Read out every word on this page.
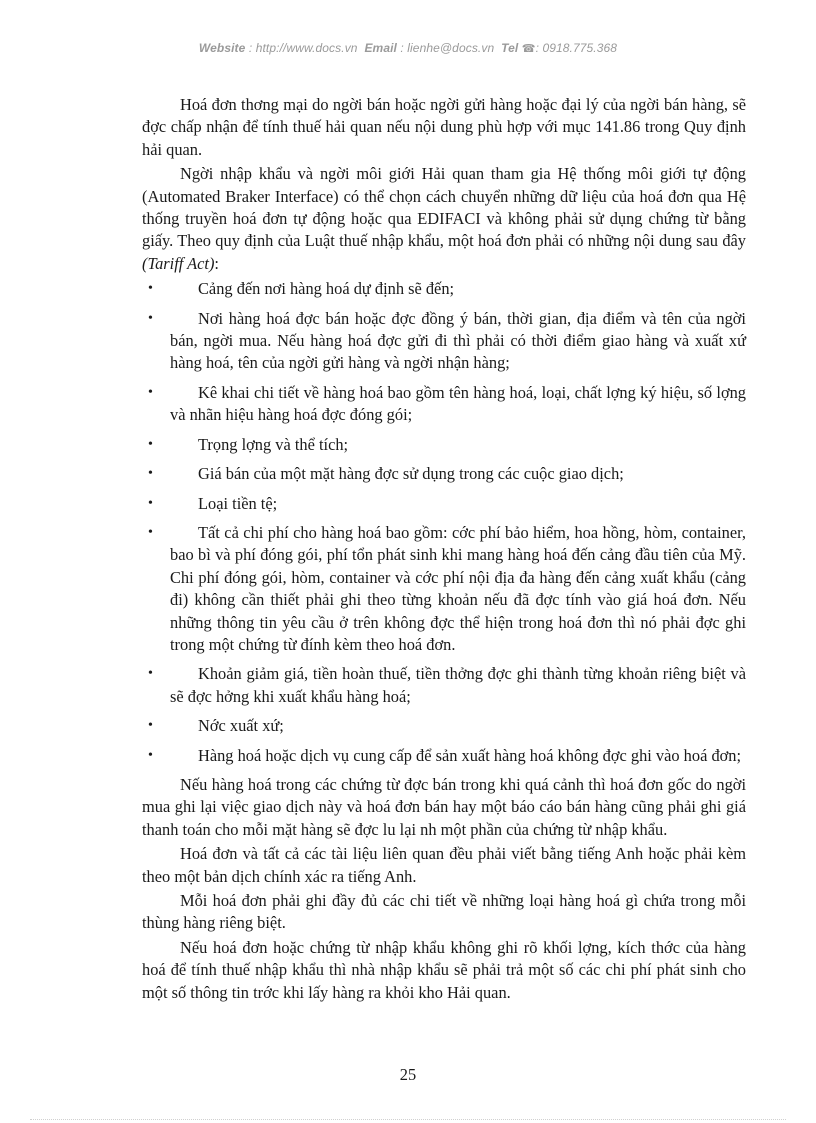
Website : http://www.docs.vn Email : lienhe@docs.vn Tel ☎: 0918.775.368

Hoá đơn thơng mại do ngời bán hoặc ngời gửi hàng hoặc đại lý của ngời bán hàng, sẽ đợc chấp nhận để tính thuế hải quan nếu nội dung phù hợp với mục 141.86 trong Quy định hải quan.

Ngời nhập khẩu và ngời môi giới Hải quan tham gia Hệ thống môi giới tự động (Automated Braker Interface) có thể chọn cách chuyển những dữ liệu của hoá đơn qua Hệ thống truyền hoá đơn tự động hoặc qua EDIFACI và không phải sử dụng chứng từ bằng giấy. Theo quy định của Luật thuế nhập khẩu, một hoá đơn phải có những nội dung sau đây (Tariff Act):

•	Cảng đến nơi hàng hoá dự định sẽ đến;
•	Nơi hàng hoá đợc bán hoặc đợc đồng ý bán, thời gian, địa điểm và tên của ngời bán, ngời mua. Nếu hàng hoá đợc gửi đi thì phải có thời điểm giao hàng và xuất xứ hàng hoá, tên của ngời gửi hàng và ngời nhận hàng;
•	Kê khai chi tiết về hàng hoá bao gồm tên hàng hoá, loại, chất lợng ký hiệu, số lợng và nhãn hiệu hàng hoá đợc đóng gói;
•	Trọng lợng và thể tích;
•	Giá bán của một mặt hàng đợc sử dụng trong các cuộc giao dịch;
•	Loại tiền tệ;
•	Tất cả chi phí cho hàng hoá bao gồm: cớc phí bảo hiểm, hoa hồng, hòm, container, bao bì và phí đóng gói, phí tổn phát sinh khi mang hàng hoá đến cảng đầu tiên của Mỹ. Chi phí đóng gói, hòm, container và cớc phí nội địa đa hàng đến cảng xuất khẩu (cảng đi) không cần thiết phải ghi theo từng khoản nếu đã đợc tính vào giá hoá đơn. Nếu những thông tin yêu cầu ở trên không đợc thể hiện trong hoá đơn thì nó phải đợc ghi trong một chứng từ đính kèm theo hoá đơn.
•	Khoản giảm giá, tiền hoàn thuế, tiền thởng đợc ghi thành từng khoản riêng biệt và sẽ đợc hởng khi xuất khẩu hàng hoá;
•	Nớc xuất xứ;
•	Hàng hoá hoặc dịch vụ cung cấp để sản xuất hàng hoá không đợc ghi vào hoá đơn;

Nếu hàng hoá trong các chứng từ đợc bán trong khi quá cảnh thì hoá đơn gốc do ngời mua ghi lại việc giao dịch này và hoá đơn bán hay một báo cáo bán hàng cũng phải ghi giá thanh toán cho mỗi mặt hàng sẽ đợc lu lại nh một phần của chứng từ nhập khẩu.

Hoá đơn và tất cả các tài liệu liên quan đều phải viết bằng tiếng Anh hoặc phải kèm theo một bản dịch chính xác ra tiếng Anh.

Mỗi hoá đơn phải ghi đầy đủ các chi tiết về những loại hàng hoá gì chứa trong mỗi thùng hàng riêng biệt.

Nếu hoá đơn hoặc chứng từ nhập khẩu không ghi rõ khối lợng, kích thớc của hàng hoá để tính thuế nhập khẩu thì nhà nhập khẩu sẽ phải trả một số các chi phí phát sinh cho một số thông tin trớc khi lấy hàng ra khỏi kho Hải quan.

25
